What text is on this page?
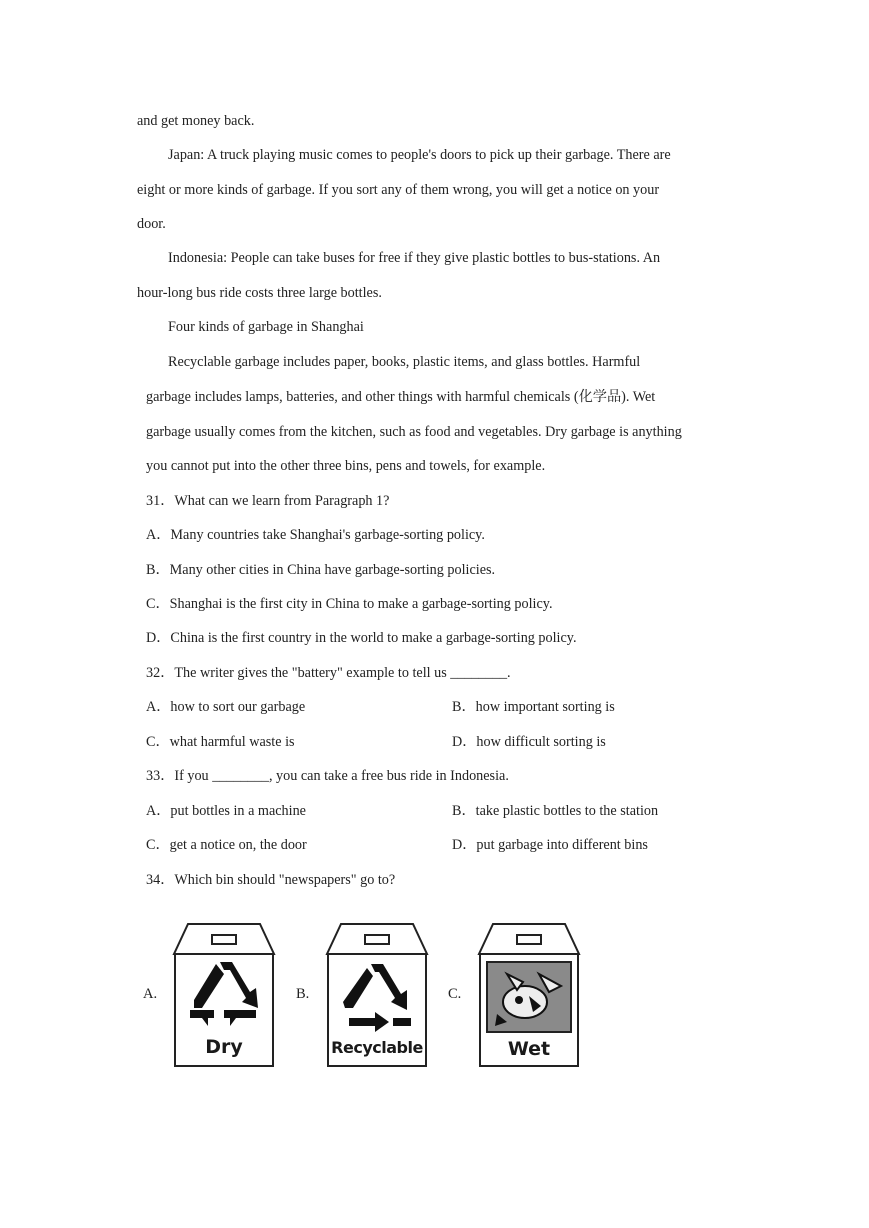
and get money back.
Japan: A truck playing music comes to people's doors to pick up their garbage. There are
eight or more kinds of garbage. If you sort any of them wrong, you will get a notice on your
door.
Indonesia: People can take buses for free if they give plastic bottles to bus-stations. An
hour-long bus ride costs three large bottles.
Four kinds of garbage in Shanghai
Recyclable garbage includes paper, books, plastic items, and glass bottles. Harmful
garbage includes lamps, batteries, and other things with harmful chemicals (化学品). Wet
garbage usually comes from the kitchen, such as food and vegetables. Dry garbage is anything
you cannot put into the other three bins, pens and towels, for example.
31．What can we learn from Paragraph 1?
A．Many countries take Shanghai's garbage-sorting policy.
B．Many other cities in China have garbage-sorting policies.
C．Shanghai is the first city in China to make a garbage-sorting policy.
D．China is the first country in the world to make a garbage-sorting policy.
32．The writer gives the "battery" example to tell us ________.
A．how to sort our garbage	B．how important sorting is
C．what harmful waste is	D．how difficult sorting is
33．If you ________, you can take a free bus ride in Indonesia.
A．put bottles in a machine	B．take plastic bottles to the station
C．get a notice on, the door	D．put garbage into different bins
34．Which bin should "newspapers" go to?
A.
Dry
B.
Recyclable
C.
Wet
